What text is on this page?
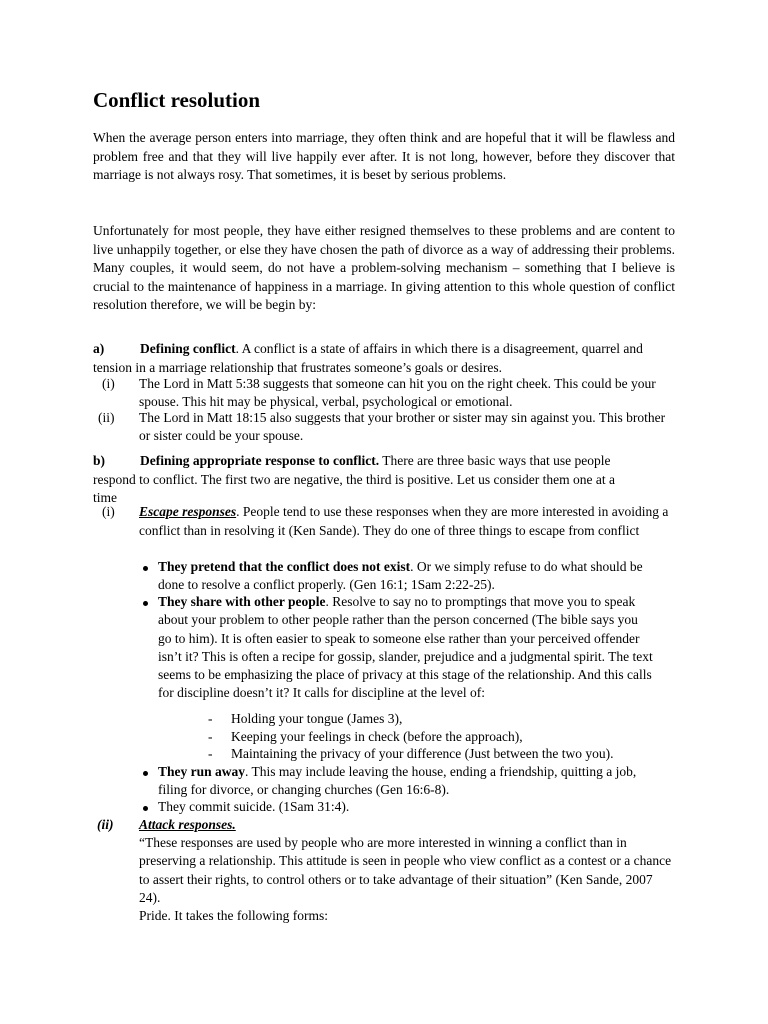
Conflict resolution

When the average person enters into marriage, they often think and are hopeful that it will be flawless and problem free and that they will live happily ever after. It is not long, however, before they discover that marriage is not always rosy. That sometimes, it is beset by serious problems.

Unfortunately for most people, they have either resigned themselves to these problems and are content to live unhappily together, or else they have chosen the path of divorce as a way of addressing their problems. Many couples, it would seem, do not have a problem-solving mechanism – something that I believe is crucial to the maintenance of happiness in a marriage. In giving attention to this whole question of conflict resolution therefore, we will be begin by:

a)	Defining conflict. A conflict is a state of affairs in which there is a disagreement, quarrel and tension in a marriage relationship that frustrates someone’s goals or desires.

(i) The Lord in Matt 5:38 suggests that someone can hit you on the right cheek. This could be your spouse. This hit may be physical, verbal, psychological or emotional.

(ii) The Lord in Matt 18:15 also suggests that your brother or sister may sin against you. This brother or sister could be your spouse.

b)	Defining appropriate response to conflict. There are three basic ways that use people respond to conflict. The first two are negative, the third is positive. Let us consider them one at a time

(i) Escape responses. People tend to use these responses when they are more interested in avoiding a conflict than in resolving it (Ken Sande). They do one of three things to escape from conflict

They pretend that the conflict does not exist. Or we simply refuse to do what should be done to resolve a conflict properly. (Gen 16:1; 1Sam 2:22-25).

They share with other people. Resolve to say no to promptings that move you to speak about your problem to other people rather than the person concerned (The bible says you go to him). It is often easier to speak to someone else rather than your perceived offender isn’t it? This is often a recipe for gossip, slander, prejudice and a judgmental spirit. The text seems to be emphasizing the place of privacy at this stage of the relationship. And this calls for discipline doesn’t it? It calls for discipline at the level of:

- Holding your tongue (James 3),
- Keeping your feelings in check (before the approach),
- Maintaining the privacy of your difference (Just between the two you).

They run away. This may include leaving the house, ending a friendship, quitting a job, filing for divorce, or changing churches (Gen 16:6-8).

They commit suicide. (1Sam 31:4).

(ii) Attack responses.

“These responses are used by people who are more interested in winning a conflict than in preserving a relationship. This attitude is seen in people who view conflict as a contest or a chance to assert their rights, to control others or to take advantage of their situation” (Ken Sande, 2007 24).

Pride. It takes the following forms:
